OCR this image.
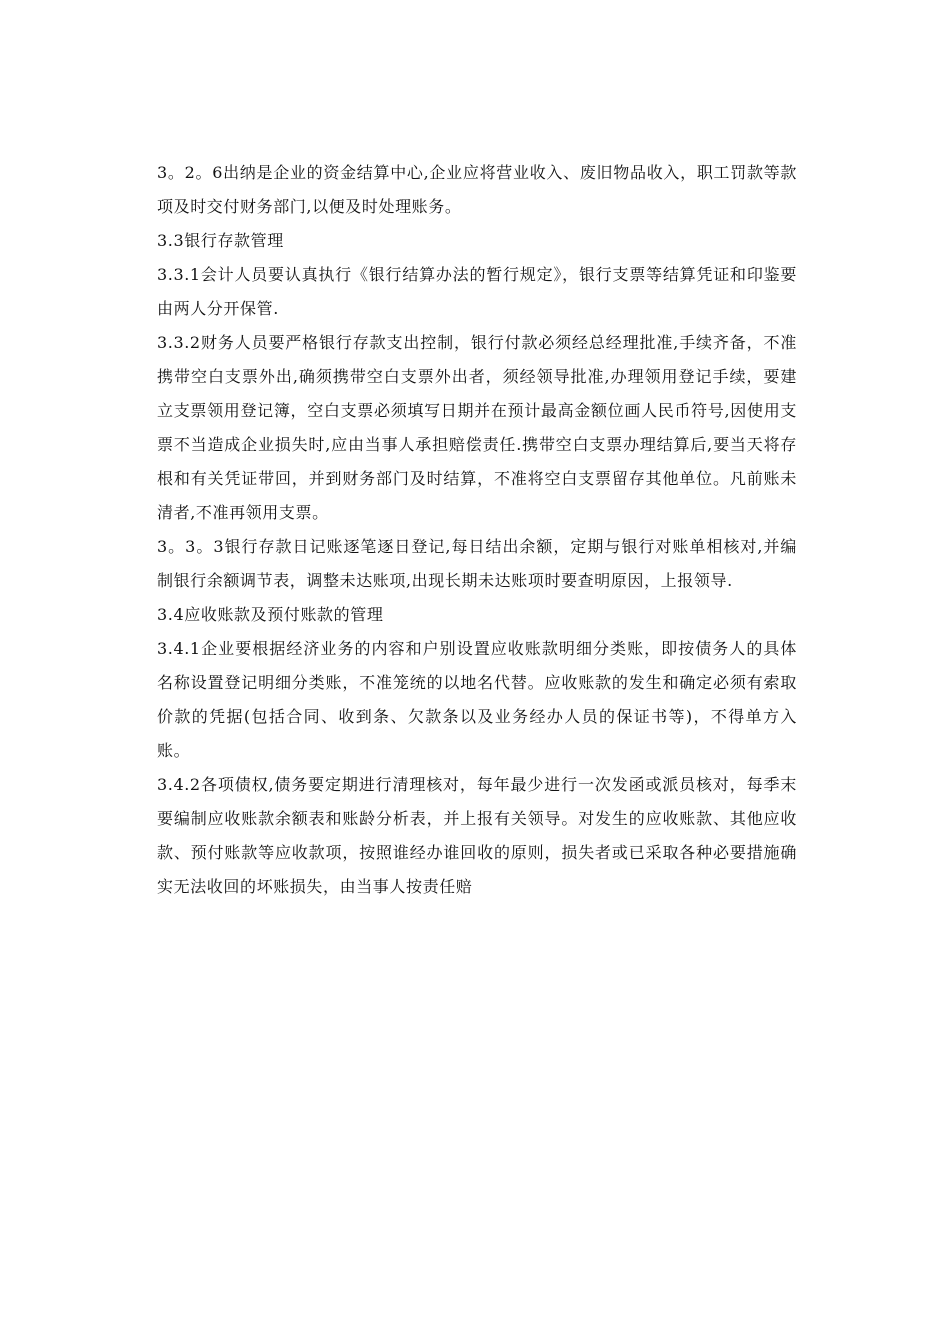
3。2。6出纳是企业的资金结算中心,企业应将营业收入、废旧物品收入，职工罚款等款项及时交付财务部门,以便及时处理账务。

3.3银行存款管理

3.3.1会计人员要认真执行《银行结算办法的暂行规定》，银行支票等结算凭证和印鉴要由两人分开保管.

3.3.2财务人员要严格银行存款支出控制，银行付款必须经总经理批准,手续齐备，不准携带空白支票外出,确须携带空白支票外出者，须经领导批准,办理领用登记手续，要建立支票领用登记簿，空白支票必须填写日期并在预计最高金额位画人民币符号,因使用支票不当造成企业损失时,应由当事人承担赔偿责任.携带空白支票办理结算后,要当天将存根和有关凭证带回，并到财务部门及时结算，不准将空白支票留存其他单位。凡前账未清者,不准再领用支票。

3。3。3银行存款日记账逐笔逐日登记,每日结出余额，定期与银行对账单相核对,并编制银行余额调节表，调整未达账项,出现长期未达账项时要查明原因，上报领导.

3.4应收账款及预付账款的管理

3.4.1企业要根据经济业务的内容和户别设置应收账款明细分类账，即按债务人的具体名称设置登记明细分类账，不准笼统的以地名代替。应收账款的发生和确定必须有索取价款的凭据(包括合同、收到条、欠款条以及业务经办人员的保证书等)，不得单方入账。

3.4.2各项债权,债务要定期进行清理核对，每年最少进行一次发函或派员核对，每季末要编制应收账款余额表和账龄分析表，并上报有关领导。对发生的应收账款、其他应收款、预付账款等应收款项，按照谁经办谁回收的原则，损失者或已采取各种必要措施确实无法收回的坏账损失，由当事人按责任赔
